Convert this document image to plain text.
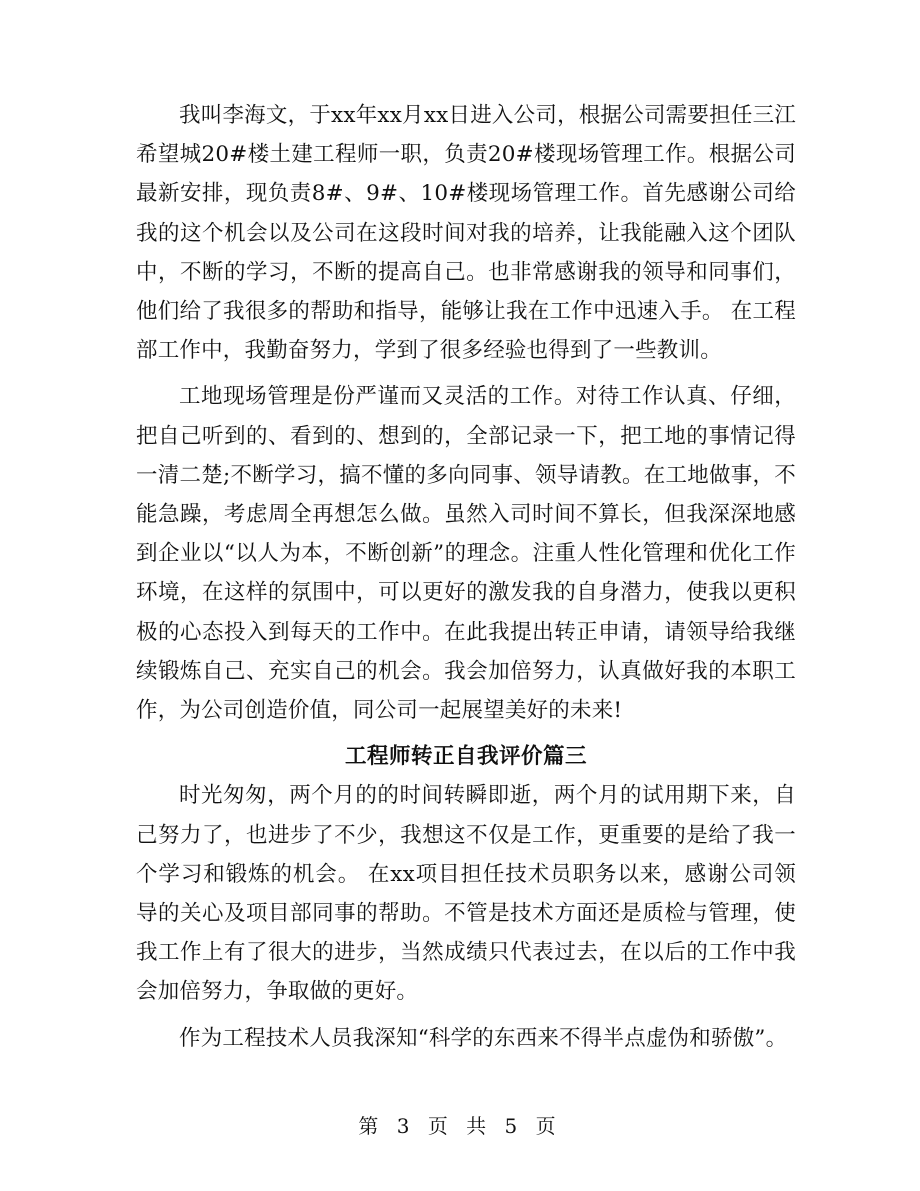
我叫李海文，于xx年xx月xx日进入公司，根据公司需要担任三江希望城20#楼土建工程师一职，负责20#楼现场管理工作。根据公司最新安排，现负责8#、9#、10#楼现场管理工作。首先感谢公司给我的这个机会以及公司在这段时间对我的培养，让我能融入这个团队中，不断的学习，不断的提高自己。也非常感谢我的领导和同事们，他们给了我很多的帮助和指导，能够让我在工作中迅速入手。 在工程部工作中，我勤奋努力，学到了很多经验也得到了一些教训。

工地现场管理是份严谨而又灵活的工作。对待工作认真、仔细，把自己听到的、看到的、想到的，全部记录一下，把工地的事情记得一清二楚;不断学习，搞不懂的多向同事、领导请教。在工地做事，不能急躁，考虑周全再想怎么做。虽然入司时间不算长，但我深深地感到企业以“以人为本，不断创新”的理念。注重人性化管理和优化工作环境，在这样的氛围中，可以更好的激发我的自身潜力，使我以更积极的心态投入到每天的工作中。在此我提出转正申请，请领导给我继续锻炼自己、充实自己的机会。我会加倍努力，认真做好我的本职工作，为公司创造价值，同公司一起展望美好的未来!

工程师转正自我评价篇三

时光匆匆，两个月的的时间转瞬即逝，两个月的试用期下来，自己努力了，也进步了不少，我想这不仅是工作，更重要的是给了我一个学习和锻炼的机会。 在xx项目担任技术员职务以来，感谢公司领导的关心及项目部同事的帮助。不管是技术方面还是质检与管理，使我工作上有了很大的进步，当然成绩只代表过去，在以后的工作中我会加倍努力，争取做的更好。

作为工程技术人员我深知“科学的东西来不得半点虚伪和骄傲”。

第 3 页 共 5 页
